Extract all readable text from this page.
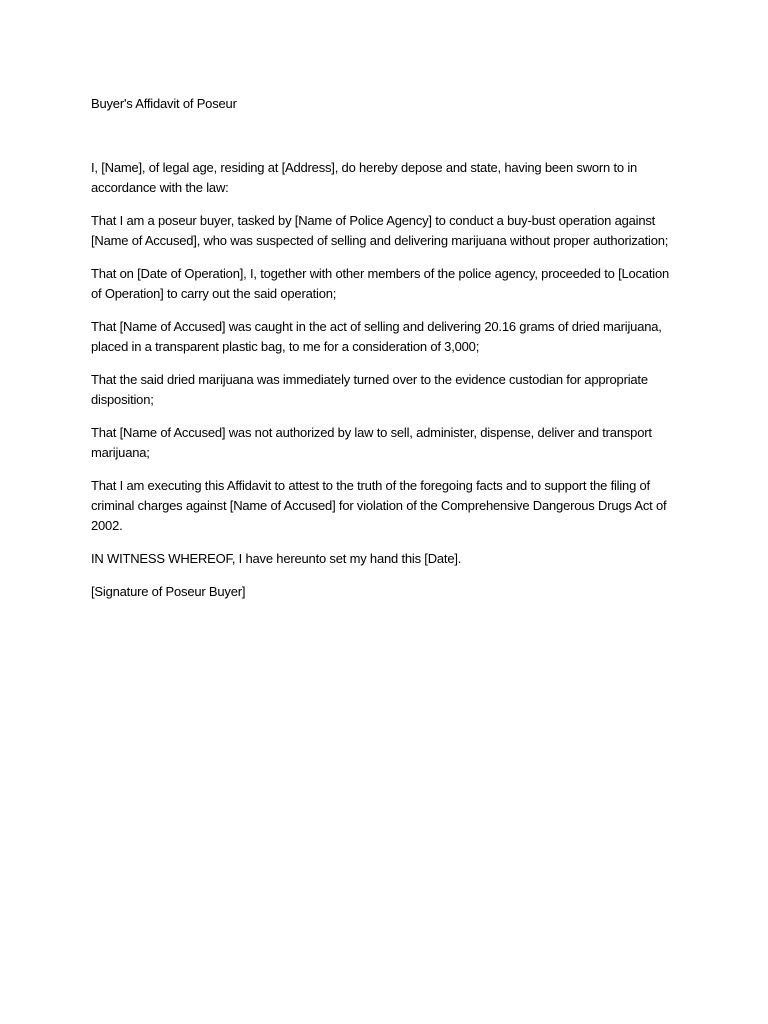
Buyer's Affidavit of Poseur

I, [Name], of legal age, residing at [Address], do hereby depose and state, having been sworn to in accordance with the law:

That I am a poseur buyer, tasked by [Name of Police Agency] to conduct a buy-bust operation against [Name of Accused], who was suspected of selling and delivering marijuana without proper authorization;

That on [Date of Operation], I, together with other members of the police agency, proceeded to [Location of Operation] to carry out the said operation;

That [Name of Accused] was caught in the act of selling and delivering 20.16 grams of dried marijuana, placed in a transparent plastic bag, to me for a consideration of 3,000;

That the said dried marijuana was immediately turned over to the evidence custodian for appropriate disposition;

That [Name of Accused] was not authorized by law to sell, administer, dispense, deliver and transport marijuana;

That I am executing this Affidavit to attest to the truth of the foregoing facts and to support the filing of criminal charges against [Name of Accused] for violation of the Comprehensive Dangerous Drugs Act of 2002.

IN WITNESS WHEREOF, I have hereunto set my hand this [Date].

[Signature of Poseur Buyer]
